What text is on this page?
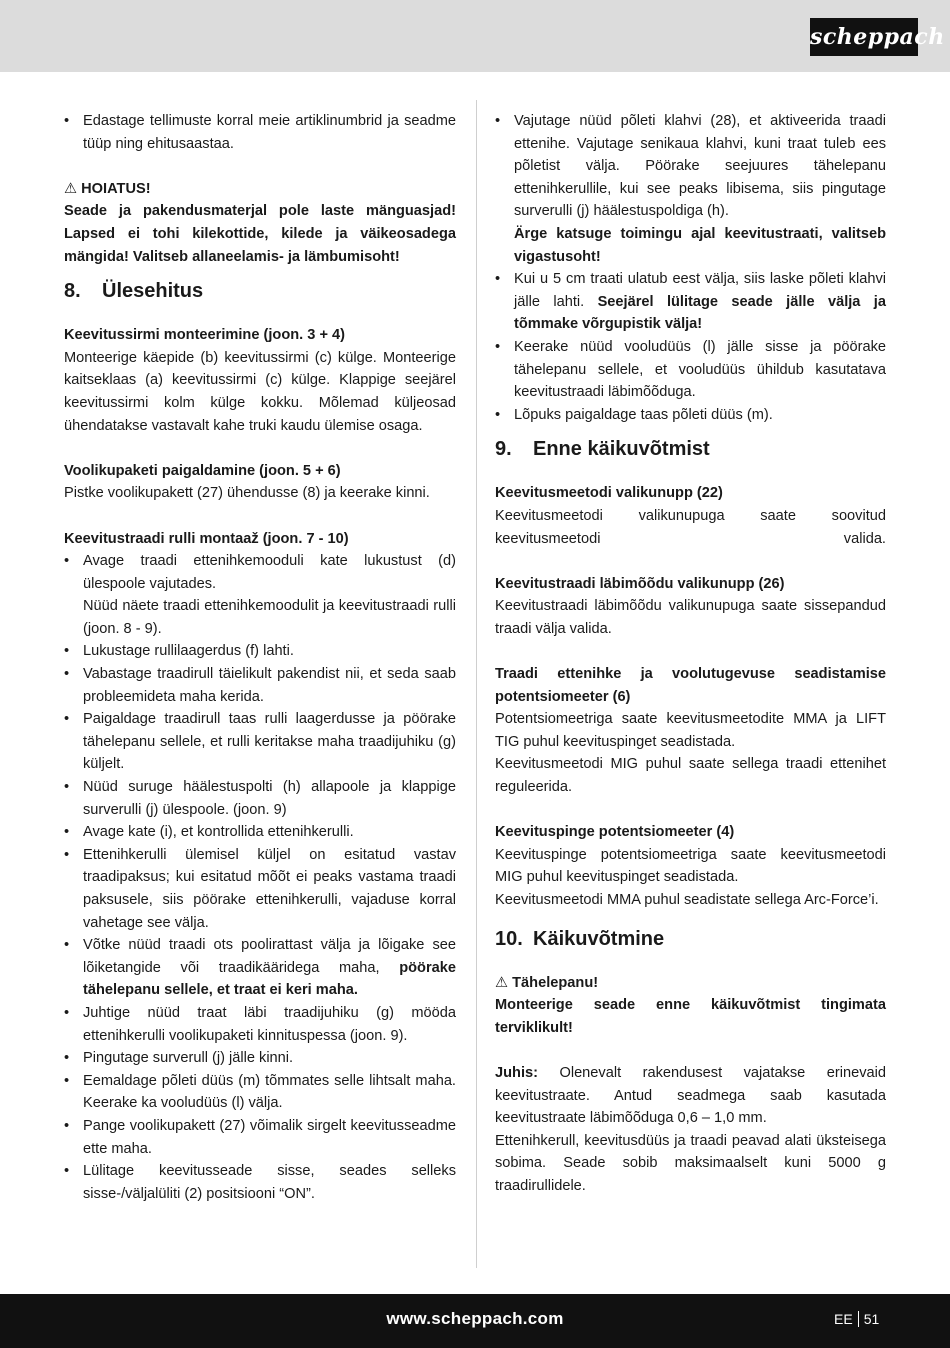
scheppach
• Edastage tellimuste korral meie artiklinumbrid ja seadme tüüp ning ehitusaastaa.

⚠ HOIATUS!

Seade ja pakendusmaterjal pole laste mänguasjad! Lapsed ei tohi kilekottide, kilede ja väikeosadega mängida! Valitseb allaneelamis- ja lämbumisoht!

8. Ülesehitus

Keevitussirmi monteerimine (joon. 3 + 4)

Monteerige käepide (b) keevitussirmi (c) külge. Monteerige kaitseklaas (a) keevitussirmi (c) külge. Klappige seejärel keevitussirmi kolm külge kokku. Mõlemad küljeosad ühendatakse vastavalt kahe truki kaudu ülemise osaga.

Voolikupaketi paigaldamine (joon. 5 + 6)

Pistke voolikupakett (27) ühendusse (8) ja keerake kinni.

Keevitustraadi rulli montaaž (joon. 7 - 10)

• Avage traadi ettenihkemooduli kate lukustust (d) ülespoole vajutades.
Nüüd näete traadi ettenihkemoodulit ja keevitustraadi rulli (joon. 8 - 9).
• Lukustage rullilaagerdus (f) lahti.
• Vabastage traadirull täielikult pakendist nii, et seda saab probleemideta maha kerida.
• Paigaldage traadirull taas rulli laagerdusse ja pöörake tähelepanu sellele, et rulli keritakse maha traadijuhiku (g) küljelt.
• Nüüd suruge häälestuspolti (h) allapoole ja klappige surverulli (j) ülespoole. (joon. 9)
• Avage kate (i), et kontrollida ettenihkerulli.
• Ettenihkerulli ülemisel küljel on esitatud vastav traadipaksus; kui esitatud mõõt ei peaks vastama traadi paksusele, siis pöörake ettenihkerulli, vajaduse korral vahetage see välja.
• Võtke nüüd traadi ots poolirattast välja ja lõigake see lõiketangide või traadikääridega maha, pöörake tähelepanu sellele, et traat ei keri maha.
• Juhtige nüüd traat läbi traadijuhiku (g) mööda ettenihkerulli voolikupaketi kinnituspessa (joon. 9).
• Pingutage surverull (j) jälle kinni.
• Eemaldage põleti düüs (m) tõmmates selle lihtsalt maha. Keerake ka vooludüüs (l) välja.
• Pange voolikupakett (27) võimalik sirgelt keevitusseadme ette maha.
• Lülitage keevitusseade sisse, seades selleks sisse-/väljalüliti (2) positsiooni “ON”.
• Vajutage nüüd põleti klahvi (28), et aktiveerida traadi ettenihe. Vajutage senikaua klahvi, kuni traat tuleb ees põletist välja. Pöörake seejuures tähelepanu ettenihkerullile, kui see peaks libisema, siis pingutage surverulli (j) häälestuspoldiga (h).
Ärge katsuge toimingu ajal keevitustraati, valitseb vigastusoht!
• Kui u 5 cm traati ulatub eest välja, siis laske põleti klahvi jälle lahti. Seejärel lülitage seade jälle välja ja tõmmake võrgupistik välja!
• Keerake nüüd vooludüüs (l) jälle sisse ja pöörake tähelepanu sellele, et vooludüüs ühildub kasutatava keevitustraadi läbimõõduga.
• Lõpuks paigaldage taas põleti düüs (m).
9. Enne käikuvõtmist

Keevitusmeetodi valikunupp (22)

Keevitusmeetodi valikunupuga saate soovitud keevitusmeetodi valida.

Keevitustraadi läbimõõdu valikunupp (26)

Keevitustraadi läbimõõdu valikunupuga saate sissepandud traadi välja valida.

Traadi ettenihke ja voolutugevuse seadistamise potentsiomeeter (6)

Potentsiomeetriga saate keevitusmeetodite MMA ja LIFT TIG puhul keevituspinget seadistada.

Keevitusmeetodi MIG puhul saate sellega traadi ettenihet reguleerida.

Keevituspinge potentsiomeeter (4)

Keevituspinge potentsiomeetriga saate keevitusmeetodi MIG puhul keevituspinget seadistada.

Keevitusmeetodi MMA puhul seadistate sellega Arc-Force’i.

10. Käikuvõtmine

⚠ Tähelepanu!

Monteerige seade enne käikuvõtmist tingimata terviklikult!

Juhis: Olenevalt rakendusest vajatakse erinevaid keevitustraate. Antud seadmega saab kasutada keevitustraate läbimõõduga 0,6 – 1,0 mm.

Ettenihkerull, keevitusdüüs ja traadi peavad alati üksteisega sobima. Seade sobib maksimaalselt kuni 5000 g traadirullidele.

www.scheppach.com	EE 51
